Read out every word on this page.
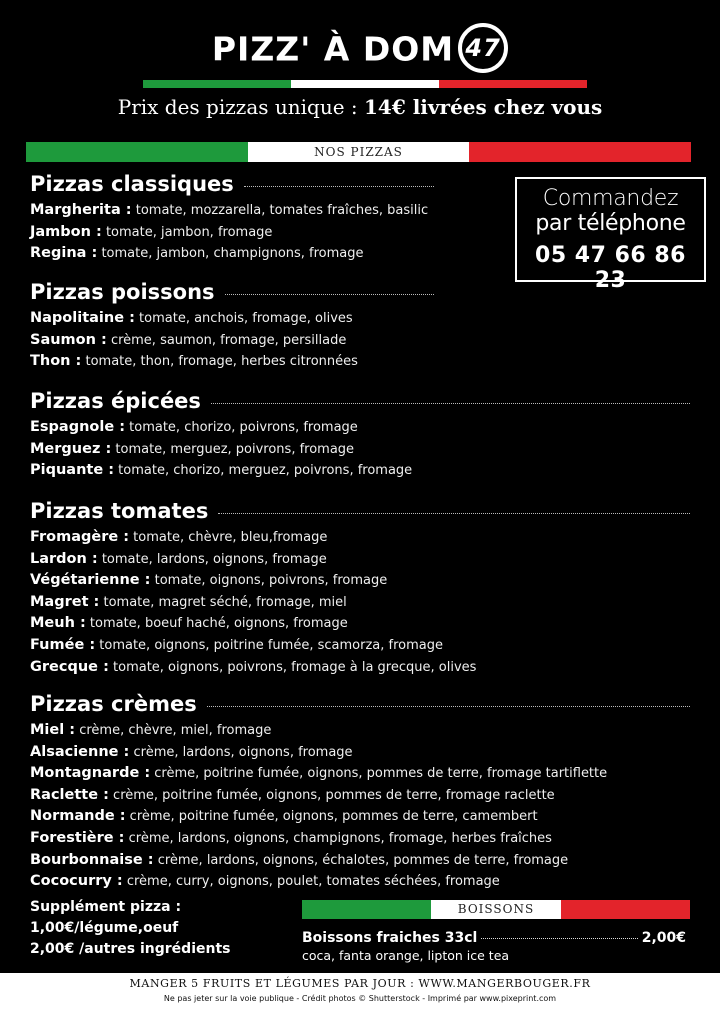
PIZZ' À DOM 47
Prix des pizzas unique : 14€ livrées chez vous
NOS PIZZAS
Commandez
par téléphone
05 47 66 86 23
Pizzas classiques
Margherita : tomate, mozzarella, tomates fraîches, basilic
Jambon : tomate, jambon, fromage
Regina : tomate, jambon, champignons, fromage
Pizzas poissons
Napolitaine : tomate, anchois, fromage, olives
Saumon : crème, saumon, fromage, persillade
Thon : tomate, thon, fromage, herbes citronnées
Pizzas épicées
Espagnole : tomate, chorizo, poivrons, fromage
Merguez : tomate, merguez, poivrons, fromage
Piquante : tomate, chorizo, merguez, poivrons, fromage
Pizzas tomates
Fromagère : tomate, chèvre, bleu,fromage
Lardon : tomate, lardons, oignons, fromage
Végétarienne : tomate, oignons, poivrons, fromage
Magret : tomate, magret séché, fromage, miel
Meuh : tomate, boeuf haché, oignons, fromage
Fumée : tomate, oignons, poitrine fumée, scamorza, fromage
Grecque : tomate, oignons, poivrons, fromage à la grecque, olives
Pizzas crèmes
Miel : crème, chèvre, miel, fromage
Alsacienne : crème, lardons, oignons, fromage
Montagnarde : crème, poitrine fumée, oignons, pommes de terre, fromage tartiflette
Raclette : crème, poitrine fumée, oignons, pommes de terre, fromage raclette
Normande : crème, poitrine fumée, oignons, pommes de terre, camembert
Forestière : crème, lardons, oignons, champignons, fromage, herbes fraîches
Bourbonnaise : crème, lardons, oignons, échalotes, pommes de terre, fromage
Cococurry : crème, curry, oignons, poulet, tomates séchées, fromage
Supplément pizza :
1,00€/légume,oeuf
2,00€ /autres ingrédients
BOISSONS
Boissons fraiches 33cl	2,00€
coca, fanta orange, lipton ice tea
MANGER 5 FRUITS ET LÉGUMES PAR JOUR : WWW.MANGERBOUGER.FR
Ne pas jeter sur la voie publique - Crédit photos © Shutterstock - Imprimé par www.pixeprint.com
